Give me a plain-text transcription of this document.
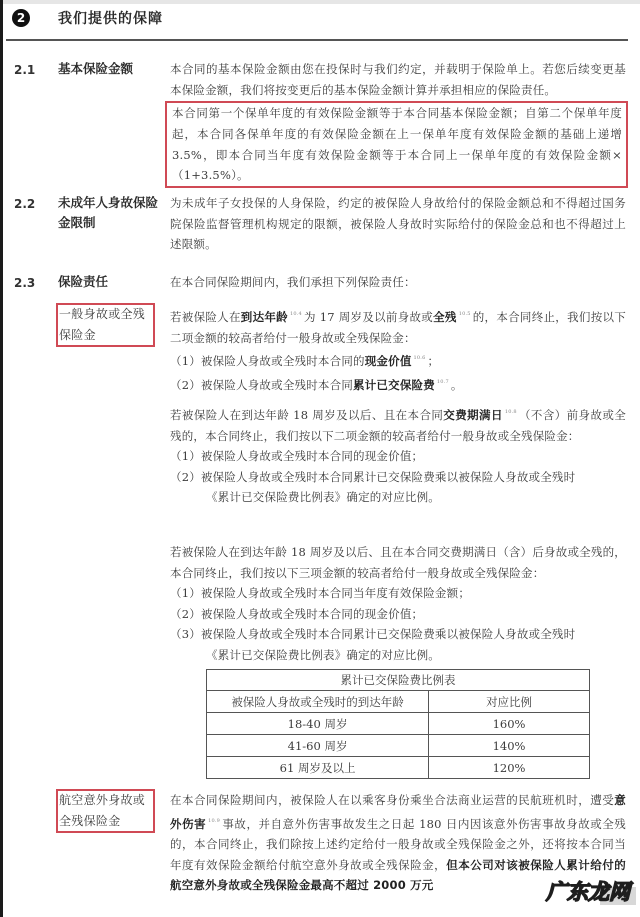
2	我们提供的保障
2.1 基本保险金额	本合同的基本保险金额由您在投保时与我们约定，并载明于保险单上。若您后续变更基本保险金额，我们将按变更后的基本保险金额计算并承担相应的保险责任。
本合同第一个保单年度的有效保险金额等于本合同基本保险金额；自第二个保单年度起，本合同各保单年度的有效保险金额在上一保单年度有效保险金额的基础上递增 3.5%，即本合同当年度有效保险金额等于本合同上一保单年度的有效保险金额×（1+3.5%）。
2.2 未成年人身故保险金限制
为未成年子女投保的人身保险，约定的被保险人身故给付的保险金额总和不得超过国务院保险监督管理机构规定的限额，被保险人身故时实际给付的保险金总和也不得超过上述限额。
2.3 保险责任	在本合同保险期间内，我们承担下列保险责任：
一般身故或全残保险金
若被保险人在到达年龄 $^{10.4}$ 为 17 周岁及以前身故或全残 $^{10.5}$ 的，本合同终止，我们按以下二项金额的较高者给付一般身故或全残保险金：
（1）被保险人身故或全残时本合同的现金价值 $^{10.6}$ ；
（2）被保险人身故或全残时本合同累计已交保险费 $^{10.7}$ 。
若被保险人在到达年龄 18 周岁及以后、且在本合同交费期满日 $^{10.8}$ （不含）前身故或全残的，本合同终止，我们按以下二项金额的较高者给付一般身故或全残保险金：
（1）被保险人身故或全残时本合同的现金价值；
（2）被保险人身故或全残时本合同累计已交保险费乘以被保险人身故或全残时
《累计已交保险费比例表》确定的对应比例。
若被保险人在到达年龄 18 周岁及以后、且在本合同交费期满日（含）后身故或全残的，本合同终止，我们按以下三项金额的较高者给付一般身故或全残保险金：
（1）被保险人身故或全残时本合同当年度有效保险金额；
（2）被保险人身故或全残时本合同的现金价值；
（3）被保险人身故或全残时本合同累计已交保险费乘以被保险人身故或全残时
《累计已交保险费比例表》确定的对应比例。
累计已交保险费比例表	
被保险人身故或全残时的到达年龄	对应比例
18-40 周岁	160%
41-60 周岁	140%
61 周岁及以上	120%
航空意外身故或全残保险金
在本合同保险期间内，被保险人在以乘客身份乘坐合法商业运营的民航班机时，遭受意外伤害 $^{10.9}$ 事故，并自意外伤害事故发生之日起 180 日内因该意外伤害事故身故或全残的，本合同终止，我们除按上述约定给付一般身故或全残保险金之外，还将按本合同当年度有效保险金额给付航空意外身故或全残保险金，但本公司对该被保险人累计给付的航空意外身故或全残保险金最高不超过 2000 万元	广东龙网
